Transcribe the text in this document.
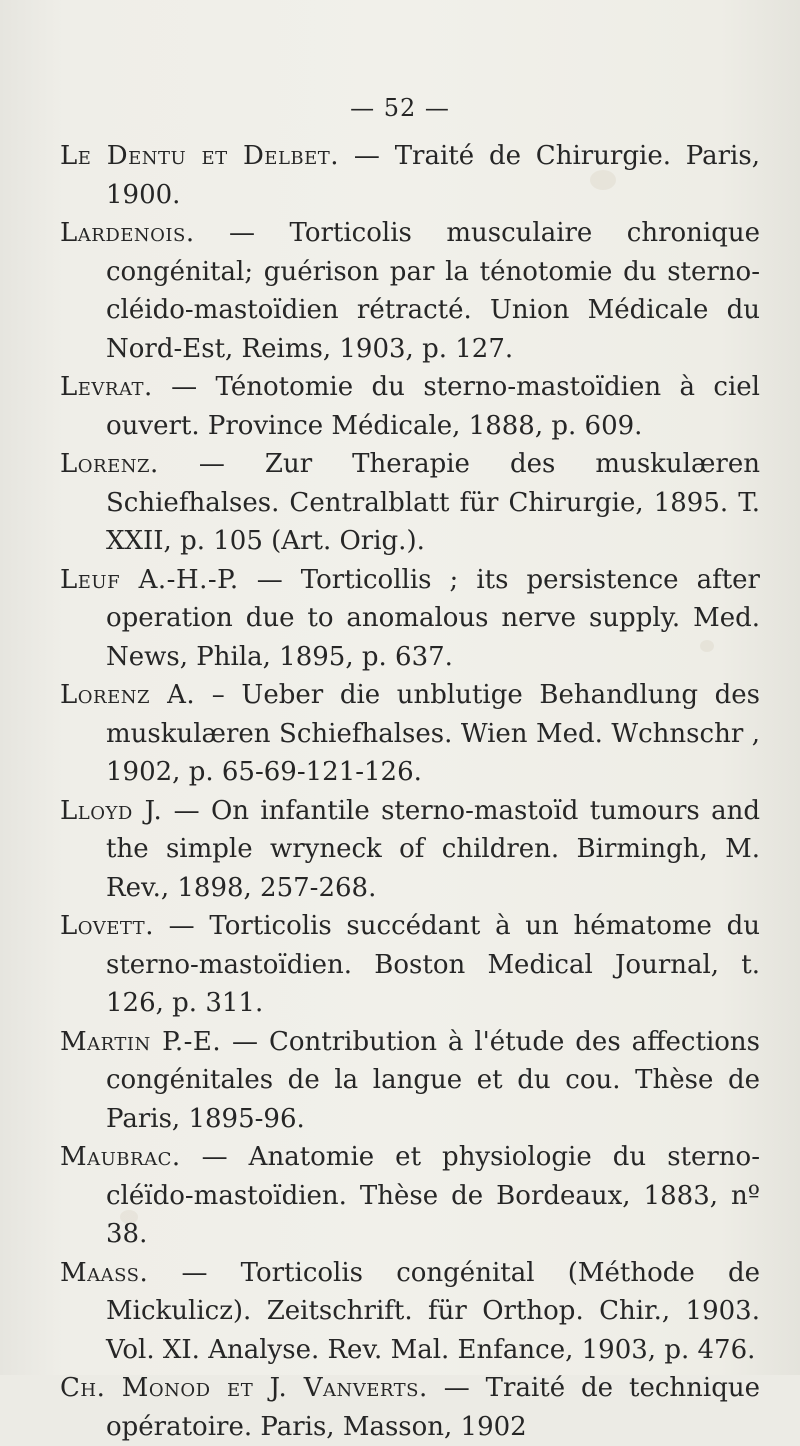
— 52 —
Le Dentu et Delbet. — Traité de Chirurgie. Paris, 1900.
Lardenois. — Torticolis musculaire chronique congénital; guérison par la ténotomie du sterno-cléido-mastoïdien rétracté. Union Médicale du Nord-Est, Reims, 1903, p. 127.
Levrat. — Ténotomie du sterno-mastoïdien à ciel ouvert. Province Médicale, 1888, p. 609.
Lorenz. — Zur Therapie des muskulæren Schiefhalses. Centralblatt für Chirurgie, 1895. T. XXII, p. 105 (Art. Orig.).
Leuf A.-H.-P. — Torticollis ; its persistence after operation due to anomalous nerve supply. Med. News, Phila, 1895, p. 637.
Lorenz A. – Ueber die unblutige Behandlung des muskulæren Schiefhalses. Wien Med. Wchnschr , 1902, p. 65-69-121-126.
Lloyd J. — On infantile sterno-mastoïd tumours and the simple wryneck of children. Birmingh, M. Rev., 1898, 257-268.
Lovett. — Torticolis succédant à un hématome du sterno-mastoïdien. Boston Medical Journal, t. 126, p. 311.
Martin P.-E. — Contribution à l'étude des affections congénitales de la langue et du cou. Thèse de Paris, 1895-96.
Maubrac. — Anatomie et physiologie du sterno-cléïdo-mastoïdien. Thèse de Bordeaux, 1883, nº 38.
Maass. — Torticolis congénital (Méthode de Mickulicz). Zeitschrift. für Orthop. Chir., 1903. Vol. XI. Analyse. Rev. Mal. Enfance, 1903, p. 476.
Ch. Monod et J. Vanverts. — Traité de technique opératoire. Paris, Masson, 1902
